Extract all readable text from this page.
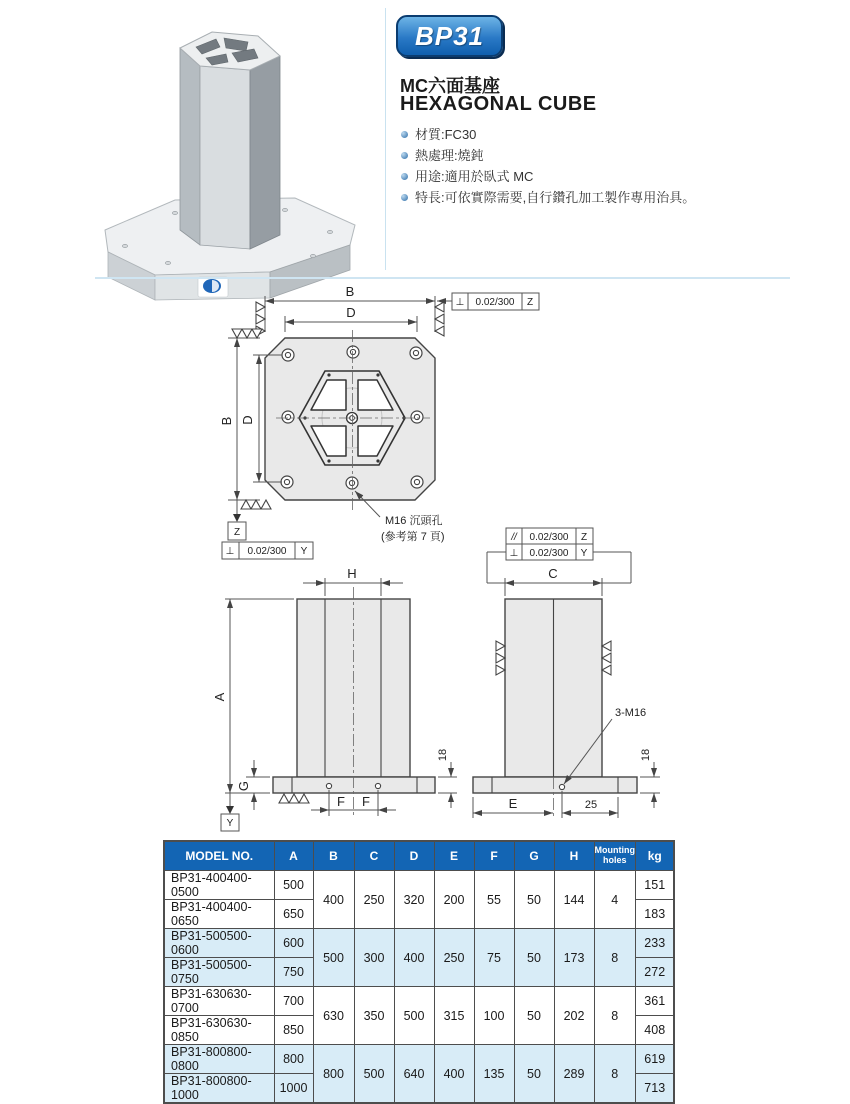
BP31
MC六面基座
HEXAGONAL CUBE
材質:FC30
熱處理:燒鈍
用途:適用於臥式 MC
特長:可依實際需要,自行鑽孔加工製作專用治具。
B
D
⊥ 0.02/300 Z
B
Z
⊥ 0.02/300 Y
D
M16 沉頭孔
(參考第 7 頁)
H
A
Y
G
18
F F
// 0.02/300 Z
⊥ 0.02/300 Y
C
3-M16
E	25
18
MODEL NO.	A	B	C	D	E	F	G	H	Mounting holes	kg
BP31-400400-0500	500	400	250	320	200	55	50	144	4	151
BP31-400400-0650	650									183
BP31-500500-0600	600	500	300	400	250	75	50	173	8	233
BP31-500500-0750	750									272
BP31-630630-0700	700	630	350	500	315	100	50	202	8	361
BP31-630630-0850	850									408
BP31-800800-0800	800	800	500	640	400	135	50	289	8	619
BP31-800800-1000	1000									713
